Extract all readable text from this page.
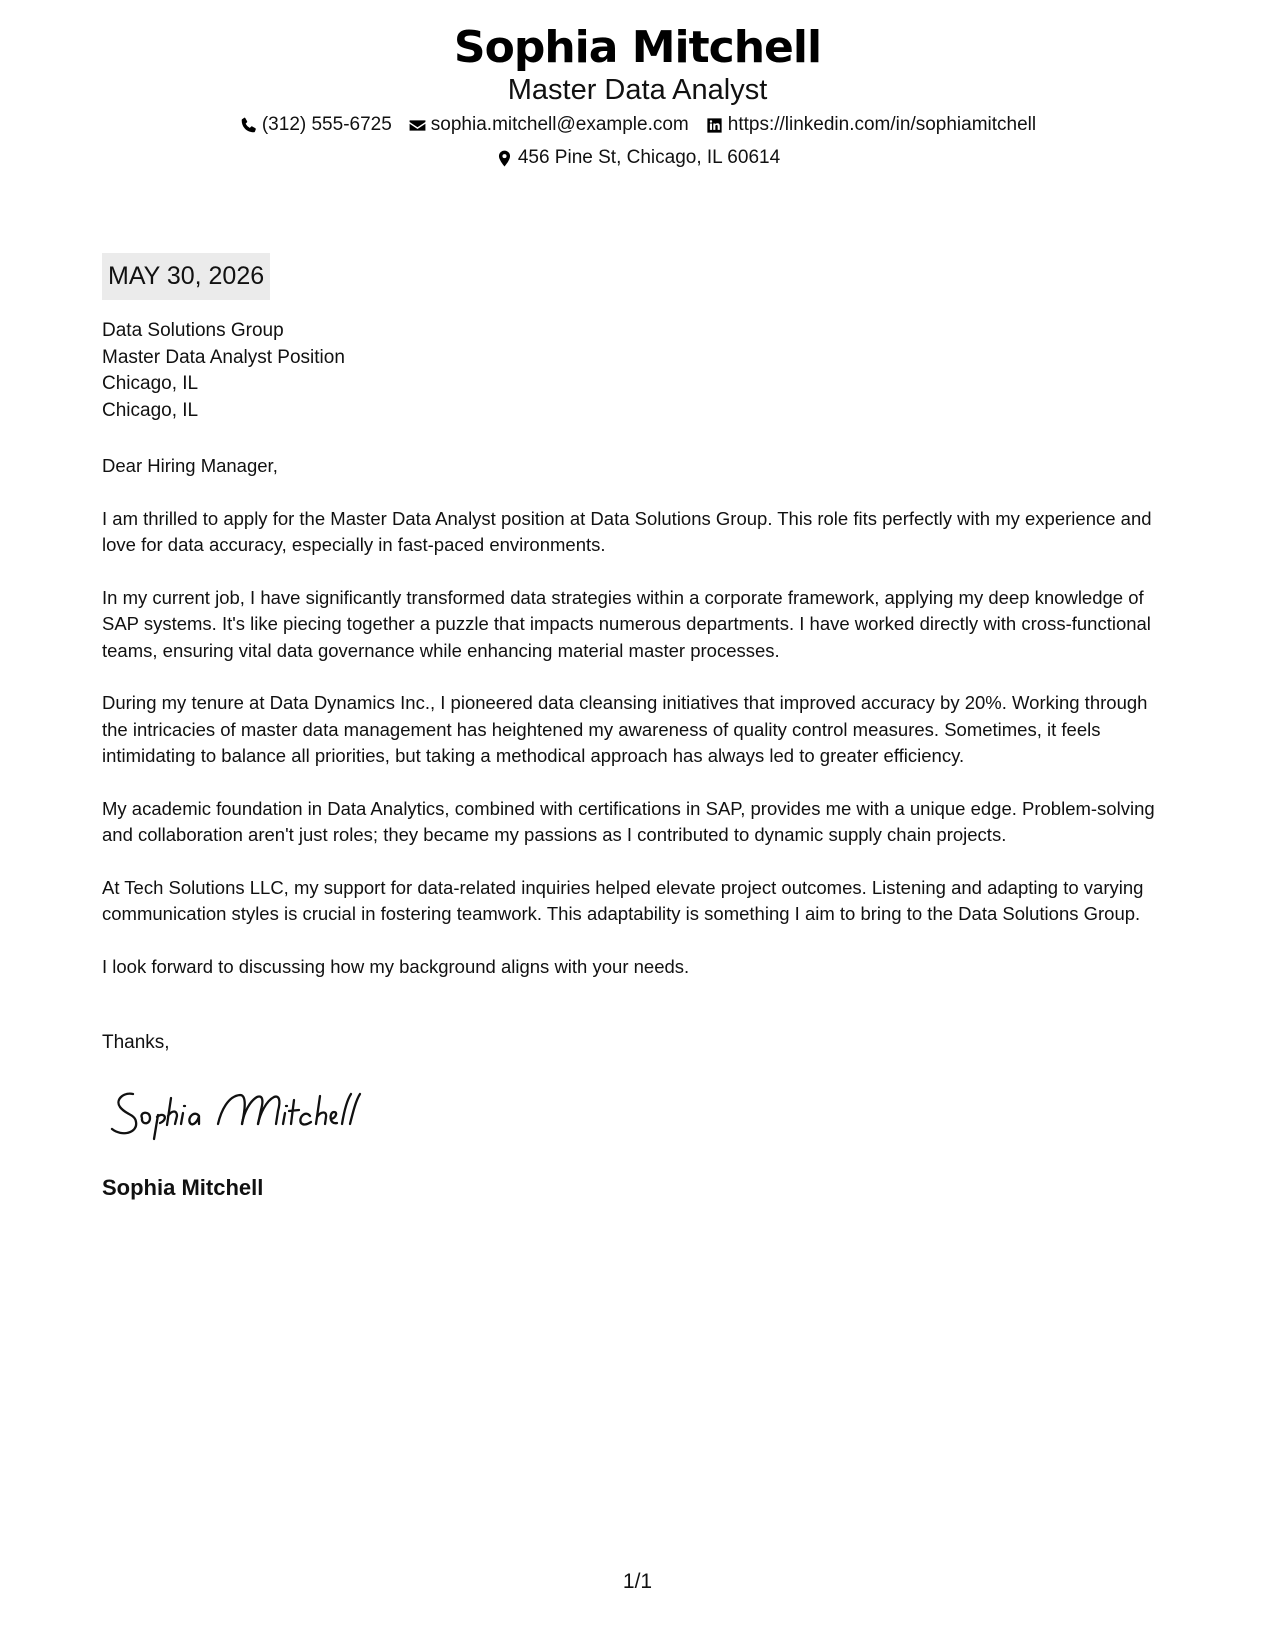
Sophia Mitchell
Master Data Analyst
(312) 555-6725 sophia.mitchell@example.com https://linkedin.com/in/sophiamitchell
456 Pine St, Chicago, IL 60614
MAY 30, 2026
Data Solutions Group
Master Data Analyst Position
Chicago, IL
Chicago, IL

Dear Hiring Manager,

I am thrilled to apply for the Master Data Analyst position at Data Solutions Group. This role fits perfectly with my experience and love for data accuracy, especially in fast-paced environments.

In my current job, I have significantly transformed data strategies within a corporate framework, applying my deep knowledge of SAP systems. It's like piecing together a puzzle that impacts numerous departments. I have worked directly with cross-functional teams, ensuring vital data governance while enhancing material master processes.

During my tenure at Data Dynamics Inc., I pioneered data cleansing initiatives that improved accuracy by 20%. Working through the intricacies of master data management has heightened my awareness of quality control measures. Sometimes, it feels intimidating to balance all priorities, but taking a methodical approach has always led to greater efficiency.

My academic foundation in Data Analytics, combined with certifications in SAP, provides me with a unique edge. Problem-solving and collaboration aren't just roles; they became my passions as I contributed to dynamic supply chain projects.

At Tech Solutions LLC, my support for data-related inquiries helped elevate project outcomes. Listening and adapting to varying communication styles is crucial in fostering teamwork. This adaptability is something I aim to bring to the Data Solutions Group.

I look forward to discussing how my background aligns with your needs.

Thanks,
Sophia Mitchell
1/1
